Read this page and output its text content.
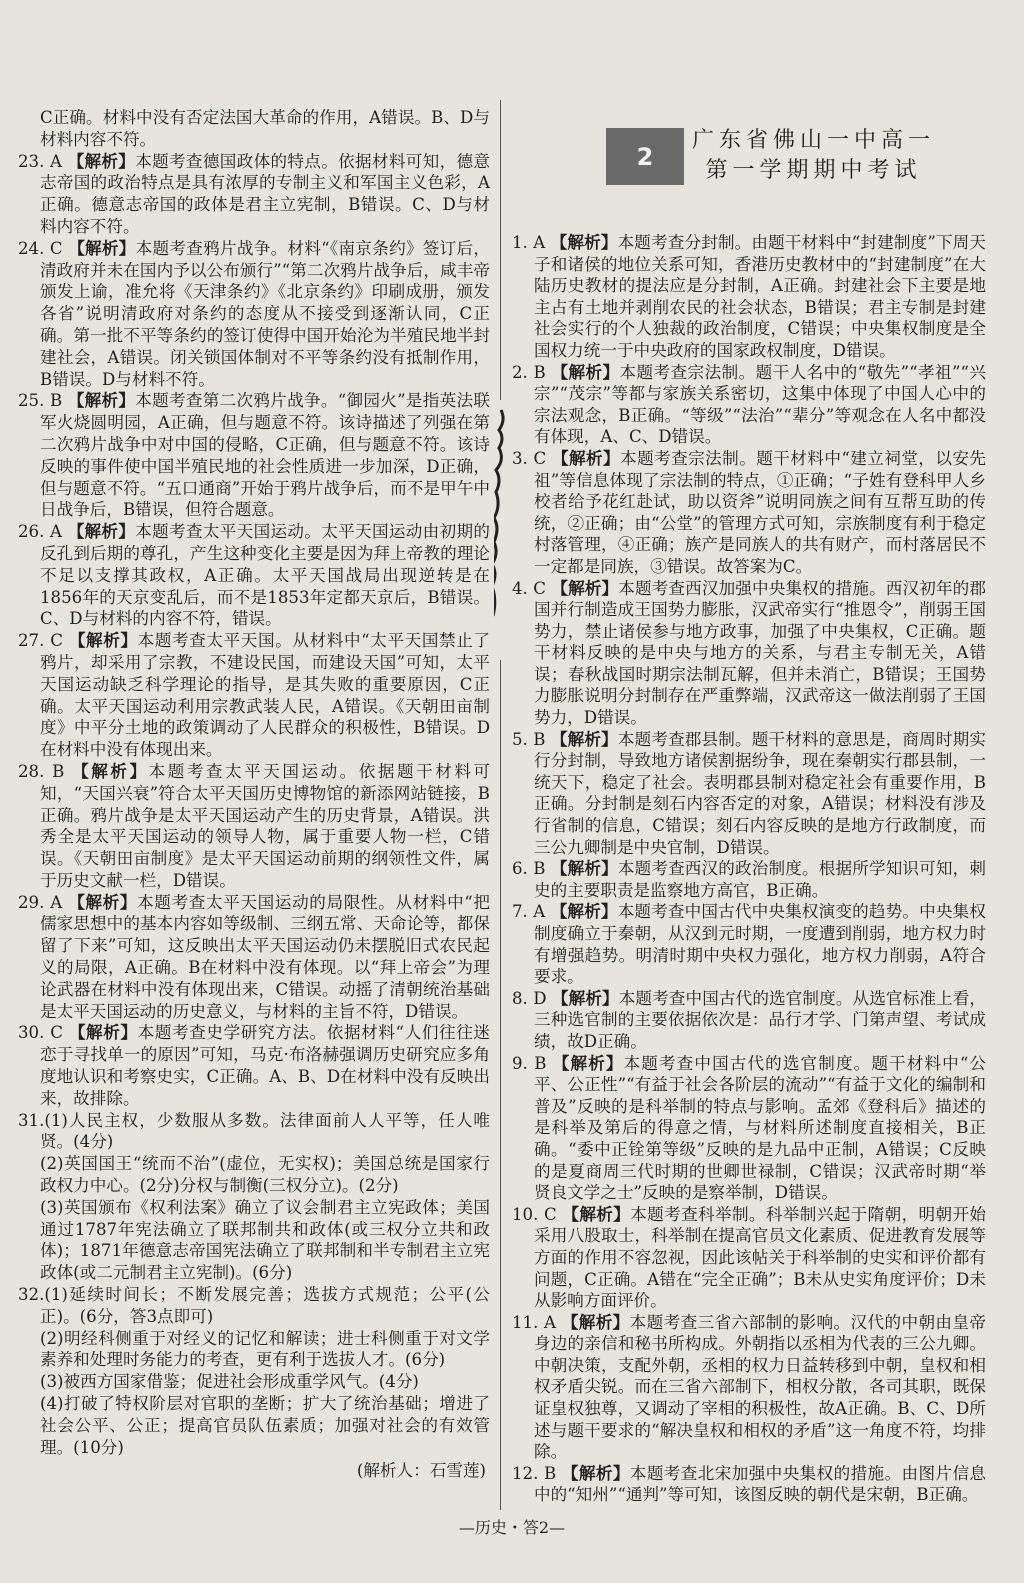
C正确。材料中没有否定法国大革命的作用，A错误。B、D与材料内容不符。

23. A 【解析】本题考查德国政体的特点。依据材料可知，德意志帝国的政治特点是具有浓厚的专制主义和军国主义色彩，A正确。德意志帝国的政体是君主立宪制，B错误。C、D与材料内容不符。

24. C 【解析】本题考查鸦片战争。材料“《南京条约》签订后，清政府并未在国内予以公布颁行”“第二次鸦片战争后，咸丰帝颁发上谕，准允将《天津条约》《北京条约》印刷成册，颁发各省”说明清政府对条约的态度从不接受到逐渐认同，C正确。第一批不平等条约的签订使得中国开始沦为半殖民地半封建社会，A错误。闭关锁国体制对不平等条约没有抵制作用，B错误。D与材料不符。

25. B 【解析】本题考查第二次鸦片战争。“御园火”是指英法联军火烧圆明园，A正确，但与题意不符。该诗描述了列强在第二次鸦片战争中对中国的侵略，C正确，但与题意不符。该诗反映的事件使中国半殖民地的社会性质进一步加深，D正确，但与题意不符。“五口通商”开始于鸦片战争后，而不是甲午中日战争后，B错误，但符合题意。

26. A 【解析】本题考查太平天国运动。太平天国运动由初期的反孔到后期的尊孔，产生这种变化主要是因为拜上帝教的理论不足以支撑其政权，A正确。太平天国战局出现逆转是在1856年的天京变乱后，而不是1853年定都天京后，B错误。C、D与材料的内容不符，错误。

27. C 【解析】本题考查太平天国。从材料中“太平天国禁止了鸦片，却采用了宗教，不建设民国，而建设天国”可知，太平天国运动缺乏科学理论的指导，是其失败的重要原因，C正确。太平天国运动利用宗教武装人民，A错误。《天朝田亩制度》中平分土地的政策调动了人民群众的积极性，B错误。D在材料中没有体现出来。

28. B 【解析】本题考查太平天国运动。依据题干材料可知，“天国兴衰”符合太平天国历史博物馆的新添网站链接，B正确。鸦片战争是太平天国运动产生的历史背景，A错误。洪秀全是太平天国运动的领导人物，属于重要人物一栏，C错误。《天朝田亩制度》是太平天国运动前期的纲领性文件，属于历史文献一栏，D错误。

29. A 【解析】本题考查太平天国运动的局限性。从材料中“把儒家思想中的基本内容如等级制、三纲五常、天命论等，都保留了下来”可知，这反映出太平天国运动仍未摆脱旧式农民起义的局限，A正确。B在材料中没有体现。以“拜上帝会”为理论武器在材料中没有体现出来，C错误。动摇了清朝统治基础是太平天国运动的历史意义，与材料的主旨不符，D错误。

30. C 【解析】本题考查史学研究方法。依据材料“人们往往迷恋于寻找单一的原因”可知，马克·布洛赫强调历史研究应多角度地认识和考察史实，C正确。A、B、D在材料中没有反映出来，故排除。

31.(1)人民主权，少数服从多数。法律面前人人平等，任人唯贤。(4分)

(2)英国国王“统而不治”(虚位，无实权)；美国总统是国家行政权力中心。(2分)分权与制衡(三权分立)。(2分)

(3)英国颁布《权利法案》确立了议会制君主立宪政体；美国通过1787年宪法确立了联邦制共和政体(或三权分立共和政体)；1871年德意志帝国宪法确立了联邦制和半专制君主立宪政体(或二元制君主立宪制)。(6分)

32.(1)延续时间长；不断发展完善；选拔方式规范；公平(公正)。(6分，答3点即可)

(2)明经科侧重于对经义的记忆和解读；进士科侧重于对文学素养和处理时务能力的考查，更有利于选拔人才。(6分)

(3)被西方国家借鉴；促进社会形成重学风气。(4分)

(4)打破了特权阶层对官职的垄断；扩大了统治基础；增进了社会公平、公正；提高官员队伍素质；加强对社会的有效管理。(10分)

(解析人：石雪莲)

2
广东省佛山一中高一
第一学期期中考试

1. A 【解析】本题考查分封制。由题干材料中“封建制度”下周天子和诸侯的地位关系可知，香港历史教材中的“封建制度”在大陆历史教材的提法应是分封制，A正确。封建社会下主要是地主占有土地并剥削农民的社会状态，B错误；君主专制是封建社会实行的个人独裁的政治制度，C错误；中央集权制度是全国权力统一于中央政府的国家政权制度，D错误。

2. B 【解析】本题考查宗法制。题干人名中的“敬先”“孝祖”“兴宗”“茂宗”等都与家族关系密切，这集中体现了中国人心中的宗法观念，B正确。“等级”“法治”“辈分”等观念在人名中都没有体现，A、C、D错误。

3. C 【解析】本题考查宗法制。题干材料中“建立祠堂，以安先祖”等信息体现了宗法制的特点，①正确；“子姓有登科甲人乡校者给予花红赴试，助以资斧”说明同族之间有互帮互助的传统，②正确；由“公堂”的管理方式可知，宗族制度有利于稳定村落管理，④正确；族产是同族人的共有财产，而村落居民不一定都是同族，③错误。故答案为C。

4. C 【解析】本题考查西汉加强中央集权的措施。西汉初年的郡国并行制造成王国势力膨胀，汉武帝实行“推恩令”，削弱王国势力，禁止诸侯参与地方政事，加强了中央集权，C正确。题干材料反映的是中央与地方的关系，与君主专制无关，A错误；春秋战国时期宗法制瓦解，但并未消亡，B错误；王国势力膨胀说明分封制存在严重弊端，汉武帝这一做法削弱了王国势力，D错误。

5. B 【解析】本题考查郡县制。题干材料的意思是，商周时期实行分封制，导致地方诸侯割据纷争，现在秦朝实行郡县制，一统天下，稳定了社会。表明郡县制对稳定社会有重要作用，B正确。分封制是刻石内容否定的对象，A错误；材料没有涉及行省制的信息，C错误；刻石内容反映的是地方行政制度，而三公九卿制是中央官制，D错误。

6. B 【解析】本题考查西汉的政治制度。根据所学知识可知，刺史的主要职责是监察地方高官，B正确。

7. A 【解析】本题考查中国古代中央集权演变的趋势。中央集权制度确立于秦朝，从汉到元时期，一度遭到削弱，地方权力时有增强趋势。明清时期中央权力强化，地方权力削弱，A符合要求。

8. D 【解析】本题考查中国古代的选官制度。从选官标准上看，三种选官制的主要依据依次是：品行才学、门第声望、考试成绩，故D正确。

9. B 【解析】本题考查中国古代的选官制度。题干材料中“公平、公正性”“有益于社会各阶层的流动”“有益于文化的编制和普及”反映的是科举制的特点与影响。孟郊《登科后》描述的是科举及第后的得意之情，与材料所述制度直接相关，B正确。“委中正铨第等级”反映的是九品中正制，A错误；C反映的是夏商周三代时期的世卿世禄制，C错误；汉武帝时期“举贤良文学之士”反映的是察举制，D错误。

10. C 【解析】本题考查科举制。科举制兴起于隋朝，明朝开始采用八股取士，科举制在提高官员文化素质、促进教育发展等方面的作用不容忽视，因此该帖关于科举制的史实和评价都有问题，C正确。A错在“完全正确”；B未从史实角度评价；D未从影响方面评价。

11. A 【解析】本题考查三省六部制的影响。汉代的中朝由皇帝身边的亲信和秘书所构成。外朝指以丞相为代表的三公九卿。中朝决策，支配外朝，丞相的权力日益转移到中朝，皇权和相权矛盾尖锐。而在三省六部制下，相权分散，各司其职，既保证皇权独尊，又调动了宰相的积极性，故A正确。B、C、D所述与题干要求的“解决皇权和相权的矛盾”这一角度不符，均排除。

12. B 【解析】本题考查北宋加强中央集权的措施。由图片信息中的“知州”“通判”等可知，该图反映的朝代是宋朝，B正确。

—历史・答2—
